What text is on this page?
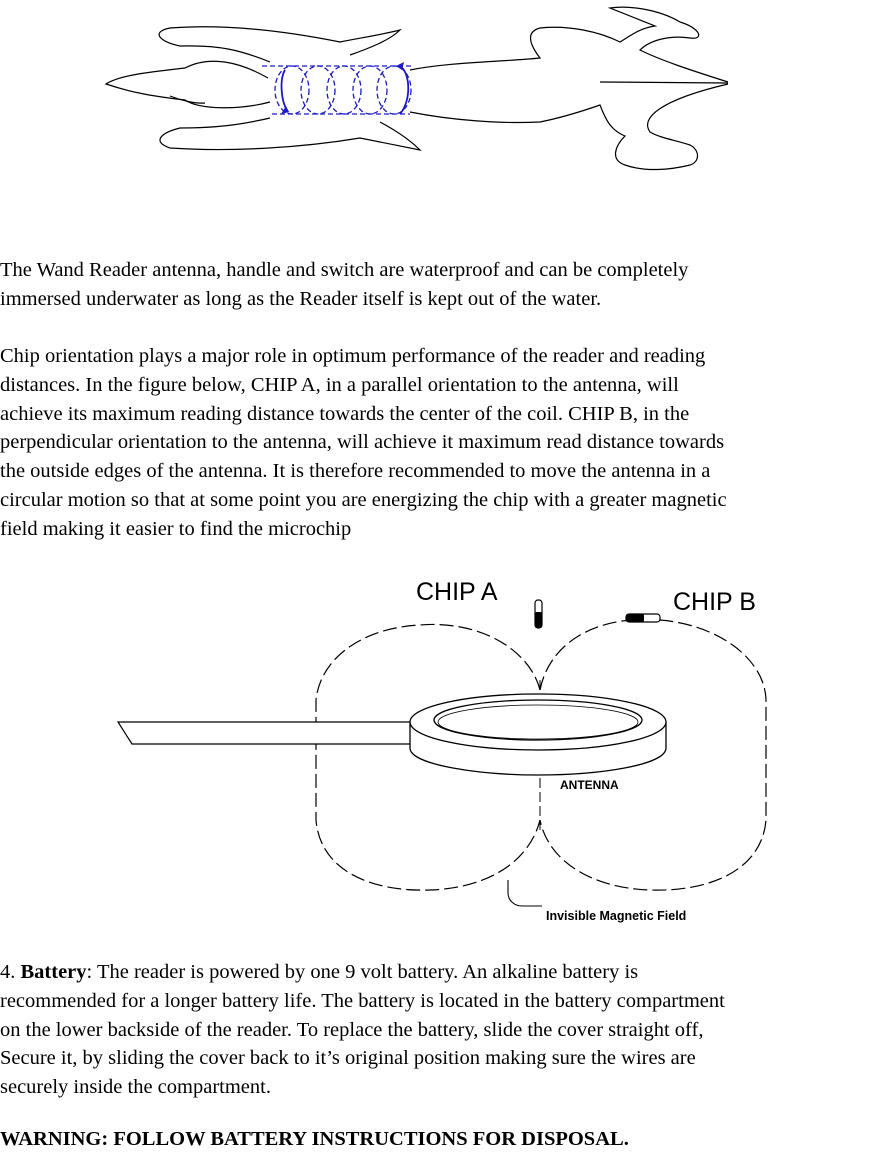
The Wand Reader antenna, handle and switch are waterproof and can be completely
immersed underwater as long as the Reader itself is kept out of the water.

Chip orientation plays a major role in optimum performance of the reader and reading
distances. In the figure below, CHIP A, in a parallel orientation to the antenna, will
achieve its maximum reading distance towards the center of the coil. CHIP B, in the
perpendicular orientation to the antenna, will achieve it maximum read distance towards
the outside edges of the antenna. It is therefore recommended to move the antenna in a
circular motion so that at some point you are energizing the chip with a greater magnetic
field making it easier to find the microchip

CHIP A	CHIP B
ANTENNA
Invisible Magnetic Field

4. Battery: The reader is powered by one 9 volt battery. An alkaline battery is
recommended for a longer battery life. The battery is located in the battery compartment
on the lower backside of the reader. To replace the battery, slide the cover straight off,
Secure it, by sliding the cover back to it’s original position making sure the wires are
securely inside the compartment.

WARNING: FOLLOW BATTERY INSTRUCTIONS FOR DISPOSAL.
